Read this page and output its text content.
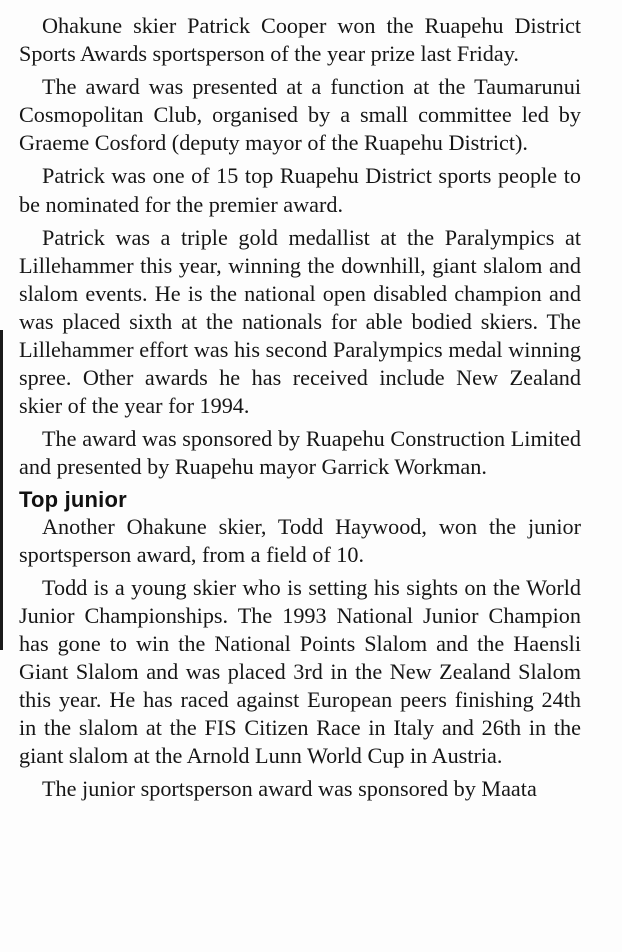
Ohakune skier Patrick Cooper won the Ruapehu District Sports Awards sportsperson of the year prize last Friday.

The award was presented at a function at the Taumarunui Cosmopolitan Club, organised by a small committee led by Graeme Cosford (deputy mayor of the Ruapehu District).

Patrick was one of 15 top Ruapehu District sports people to be nominated for the premier award.

Patrick was a triple gold medallist at the Paralympics at Lillehammer this year, winning the downhill, giant slalom and slalom events. He is the national open disabled champion and was placed sixth at the nationals for able bodied skiers. The Lillehammer effort was his second Paralympics medal winning spree. Other awards he has received include New Zealand skier of the year for 1994.

The award was sponsored by Ruapehu Construction Limited and presented by Ruapehu mayor Garrick Workman.

Top junior

Another Ohakune skier, Todd Haywood, won the junior sportsperson award, from a field of 10.

Todd is a young skier who is setting his sights on the World Junior Championships. The 1993 National Junior Champion has gone to win the National Points Slalom and the Haensli Giant Slalom and was placed 3rd in the New Zealand Slalom this year. He has raced against European peers finishing 24th in the slalom at the FIS Citizen Race in Italy and 26th in the giant slalom at the Arnold Lunn World Cup in Austria.

The junior sportsperson award was sponsored by Maata
